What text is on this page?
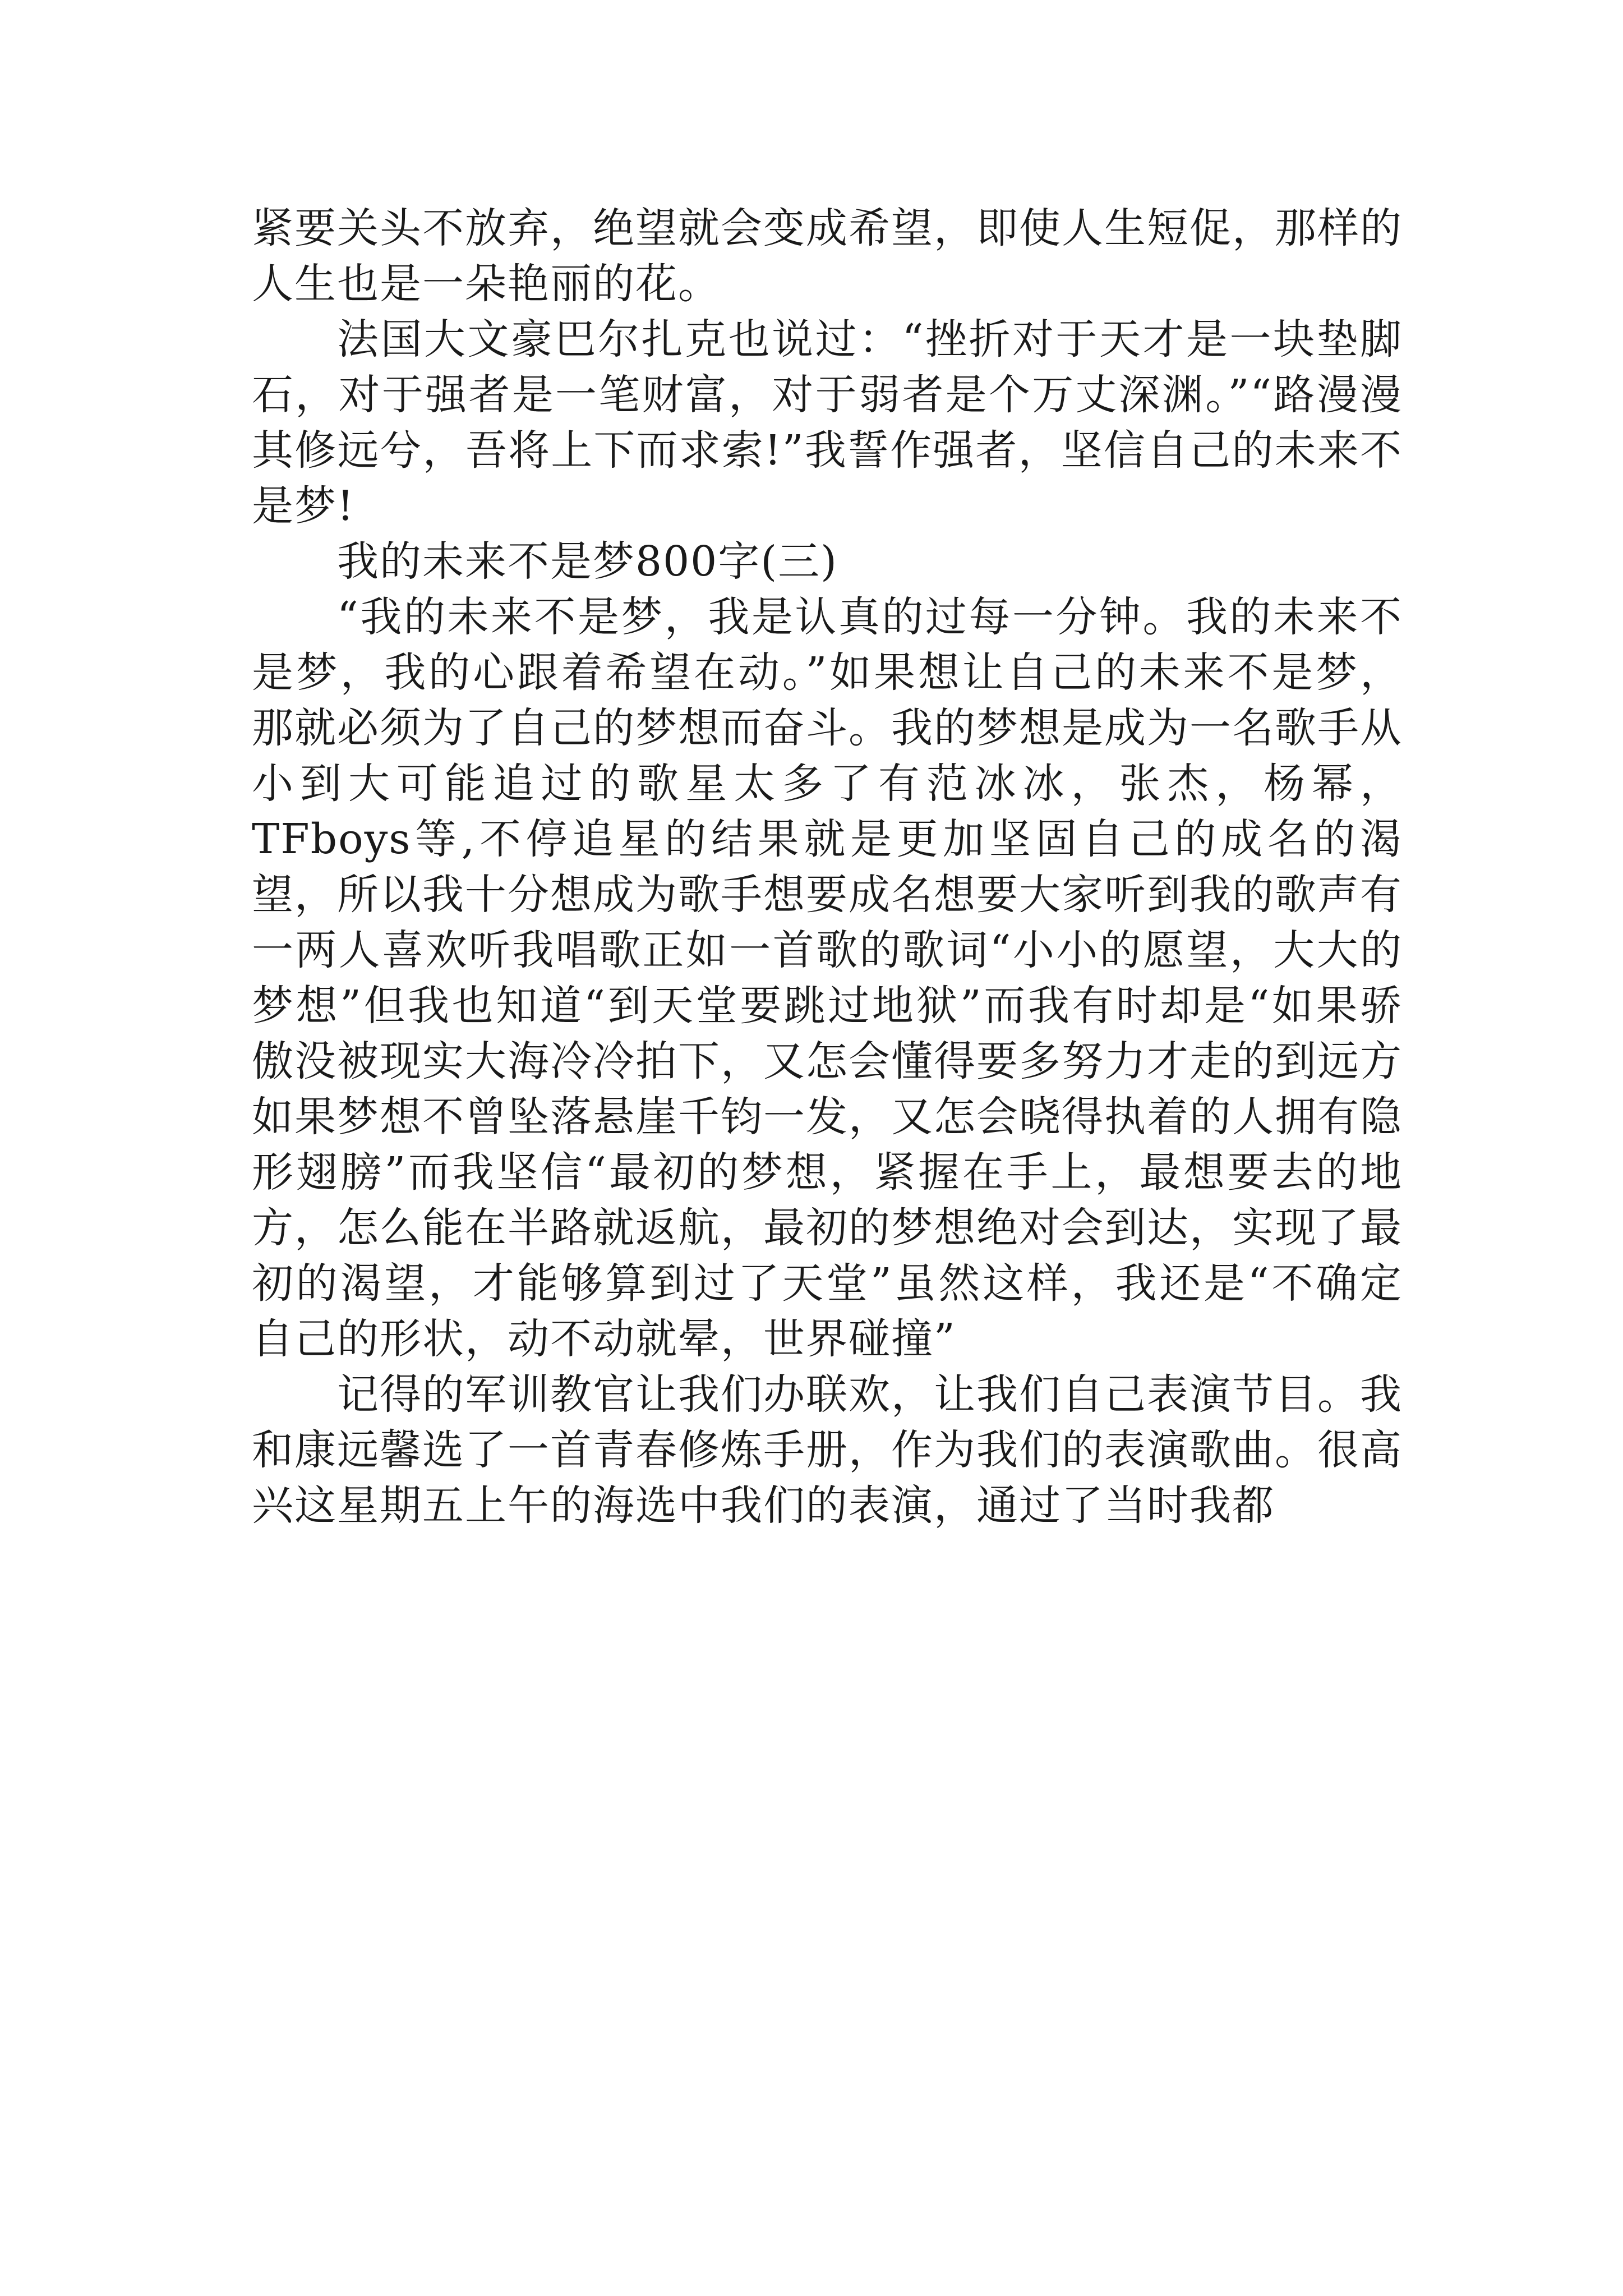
紧要关头不放弃，绝望就会变成希望，即使人生短促，那样的人生也是一朵艳丽的花。

法国大文豪巴尔扎克也说过：“挫折对于天才是一块垫脚石，对于强者是一笔财富，对于弱者是个万丈深渊。”“路漫漫其修远兮，吾将上下而求索!”我誓作强者，坚信自己的未来不是梦!

我的未来不是梦800字(三)

“我的未来不是梦，我是认真的过每一分钟。我的未来不是梦，我的心跟着希望在动。”如果想让自己的未来不是梦，那就必须为了自己的梦想而奋斗。我的梦想是成为一名歌手从小到大可能追过的歌星太多了有范冰冰，张杰，杨幂，TFboys等,不停追星的结果就是更加坚固自己的成名的渴望，所以我十分想成为歌手想要成名想要大家听到我的歌声有一两人喜欢听我唱歌正如一首歌的歌词“小小的愿望，大大的梦想”但我也知道“到天堂要跳过地狱”而我有时却是“如果骄傲没被现实大海冷冷拍下，又怎会懂得要多努力才走的到远方如果梦想不曾坠落悬崖千钧一发，又怎会晓得执着的人拥有隐形翅膀”而我坚信“最初的梦想，紧握在手上，最想要去的地方，怎么能在半路就返航，最初的梦想绝对会到达，实现了最初的渴望，才能够算到过了天堂”虽然这样，我还是“不确定自己的形状，动不动就晕，世界碰撞”

记得的军训教官让我们办联欢，让我们自己表演节目。我和康远馨选了一首青春修炼手册，作为我们的表演歌曲。很高兴这星期五上午的海选中我们的表演，通过了当时我都
